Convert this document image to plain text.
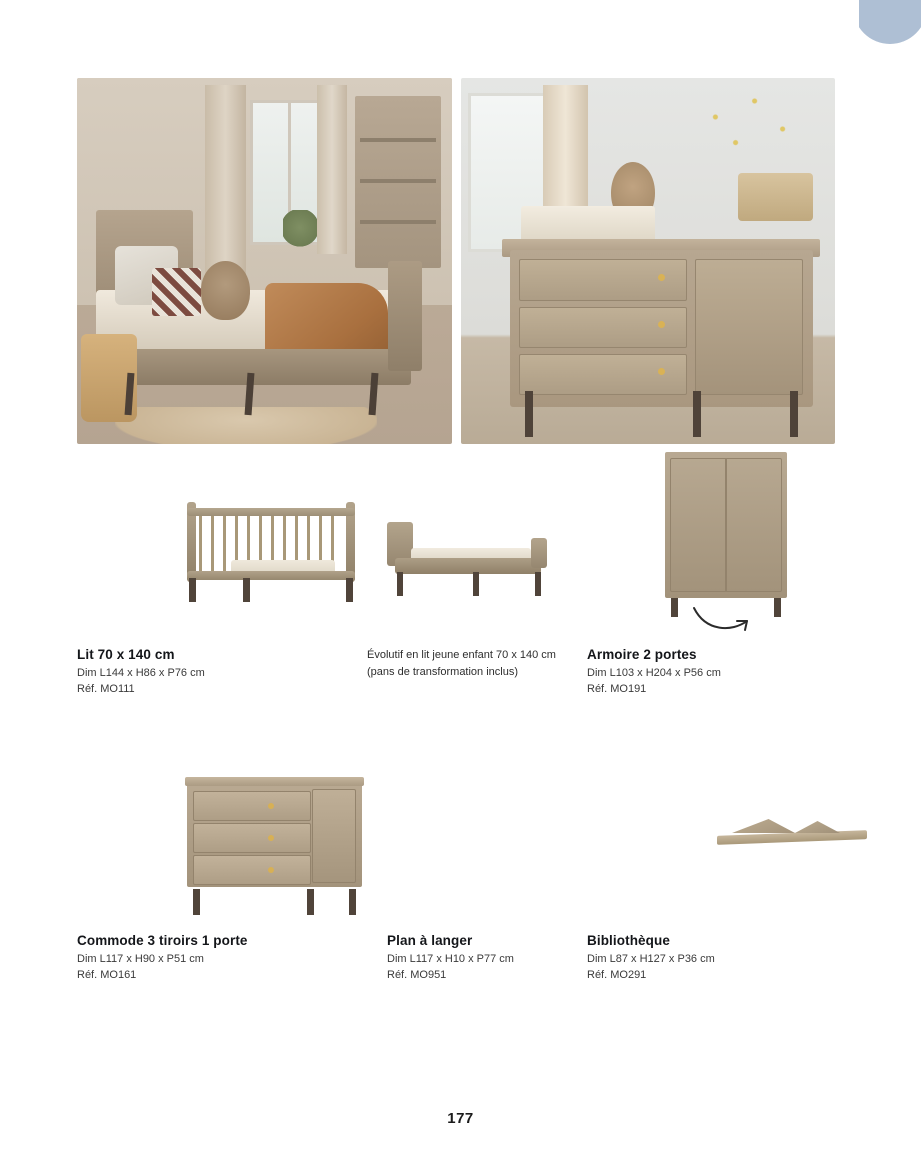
Lit 70 x 140 cm
Dim L144 x H86 x P76 cm
Réf. MO111
Évolutif en lit jeune enfant 70 x 140 cm
(pans de transformation inclus)
Armoire 2 portes
Dim L103 x H204 x P56 cm
Réf. MO191
Commode 3 tiroirs 1 porte
Dim L117 x H90 x P51 cm
Réf. MO161
Plan à langer
Dim L117 x H10 x P77 cm
Réf. MO951
Bibliothèque
Dim L87 x H127 x P36 cm
Réf. MO291
177
